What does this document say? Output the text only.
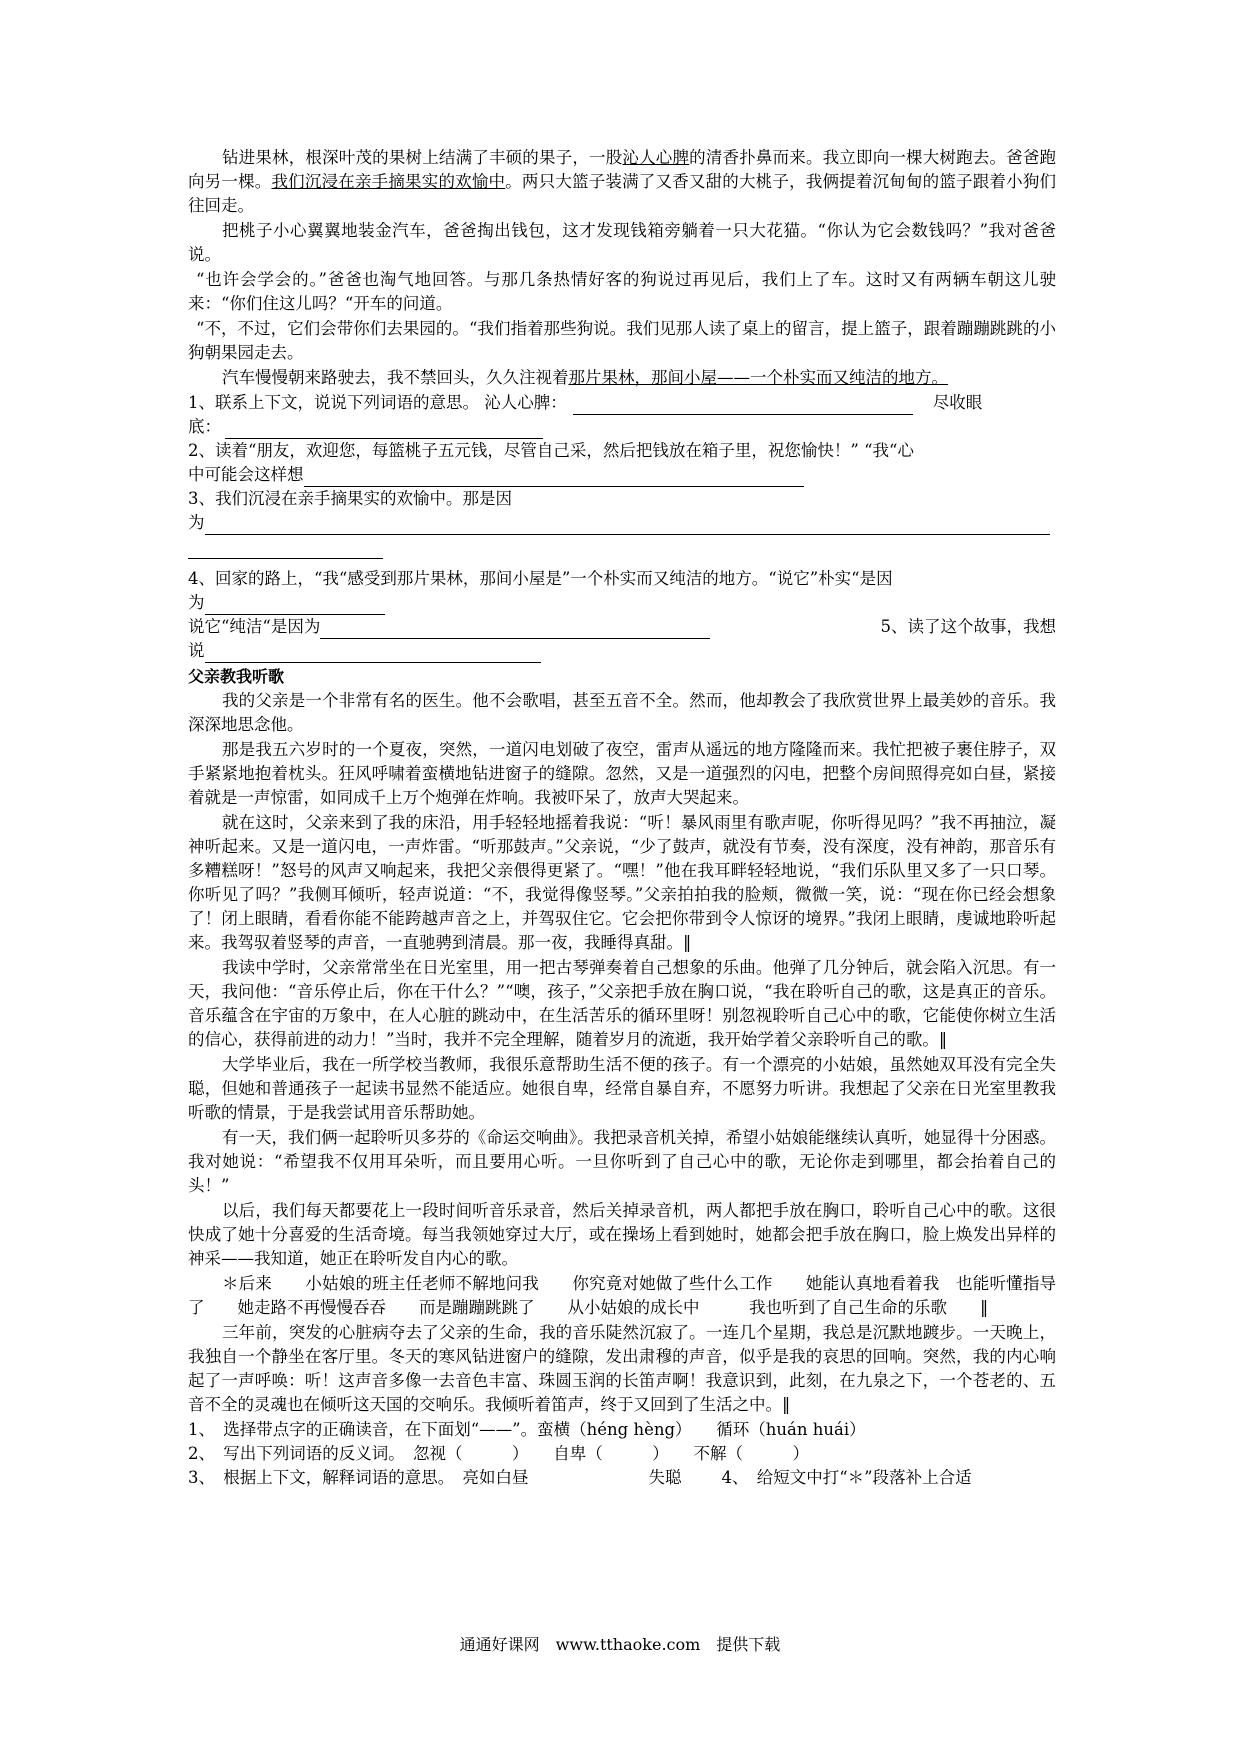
钻进果林，根深叶茂的果树上结满了丰硕的果子，一股沁人心脾的清香扑鼻而来。我立即向一棵大树跑去。爸爸跑向另一棵。我们沉浸在亲手摘果实的欢愉中。两只大篮子装满了又香又甜的大桃子，我俩提着沉甸甸的篮子跟着小狗们往回走。

把桃子小心翼翼地装金汽车，爸爸掏出钱包，这才发现钱箱旁躺着一只大花猫。“你认为它会数钱吗？”我对爸爸说。

“也许会学会的。”爸爸也淘气地回答。与那几条热情好客的狗说过再见后，我们上了车。这时又有两辆车朝这儿驶来：“你们住这儿吗？“开车的问道。

“不，不过，它们会带你们去果园的。“我们指着那些狗说。我们见那人读了桌上的留言，提上篮子，跟着蹦蹦跳跳的小狗朝果园走去。

汽车慢慢朝来路驶去，我不禁回头，久久注视着那片果林，那间小屋——一个朴实而又纯洁的地方。

1、联系上下文，说说下列词语的意思。 沁人心脾：	尽收眼
底：

2、读着“朋友，欢迎您，每篮桃子五元钱，尽管自己采，然后把钱放在箱子里，祝您愉快！” “我“心

中可能会这样想

3、我们沉浸在亲手摘果实的欢愉中。那是因

为

4、回家的路上，“我“感受到那片果林，那间小屋是”一个朴实而又纯洁的地方。“说它”朴实“是因

为
说它“纯洁“是因为	5、读了这个故事，我想
说
父亲教我听歌

我的父亲是一个非常有名的医生。他不会歌唱，甚至五音不全。然而，他却教会了我欣赏世界上最美妙的音乐。我深深地思念他。

那是我五六岁时的一个夏夜，突然，一道闪电划破了夜空，雷声从遥远的地方隆隆而来。我忙把被子裹住脖子，双手紧紧地抱着枕头。狂风呼啸着蛮横地钻进窗子的缝隙。忽然，又是一道强烈的闪电，把整个房间照得亮如白昼，紧接着就是一声惊雷，如同成千上万个炮弹在炸响。我被吓呆了，放声大哭起来。

就在这时，父亲来到了我的床沿，用手轻轻地摇着我说：“听！暴风雨里有歌声呢，你听得见吗？”我不再抽泣，凝神听起来。又是一道闪电，一声炸雷。“听那鼓声。”父亲说，“少了鼓声，就没有节奏，没有深度，没有神韵，那音乐有多糟糕呀！”怒号的风声又响起来，我把父亲偎得更紧了。“嘿！”他在我耳畔轻轻地说，“我们乐队里又多了一只口琴。你听见了吗？”我侧耳倾听，轻声说道：“不，我觉得像竖琴。”父亲拍拍我的脸颊，微微一笑，说：“现在你已经会想象了！闭上眼睛，看看你能不能跨越声音之上，并驾驭住它。它会把你带到令人惊讶的境界。”我闭上眼睛，虔诚地聆听起来。我驾驭着竖琴的声音，一直驰骋到清晨。那一夜，我睡得真甜。‖

我读中学时，父亲常常坐在日光室里，用一把古琴弹奏着自己想象的乐曲。他弹了几分钟后，就会陷入沉思。有一天，我问他：“音乐停止后，你在干什么？”“噢，孩子，”父亲把手放在胸口说，“我在聆听自己的歌，这是真正的音乐。音乐蕴含在宇宙的万象中，在人心脏的跳动中，在生活苦乐的循环里呀！别忽视聆听自己心中的歌，它能使你树立生活的信心，获得前进的动力！”当时，我并不完全理解，随着岁月的流逝，我开始学着父亲聆听自己的歌。‖

大学毕业后，我在一所学校当教师，我很乐意帮助生活不便的孩子。有一个漂亮的小姑娘，虽然她双耳没有完全失聪，但她和普通孩子一起读书显然不能适应。她很自卑，经常自暴自弃，不愿努力听讲。我想起了父亲在日光室里教我听歌的情景，于是我尝试用音乐帮助她。

有一天，我们俩一起聆听贝多芬的《命运交响曲》。我把录音机关掉，希望小姑娘能继续认真听，她显得十分困惑。我对她说：“希望我不仅用耳朵听，而且要用心听。一旦你听到了自己心中的歌，无论你走到哪里，都会抬着自己的头！”

以后，我们每天都要花上一段时间听音乐录音，然后关掉录音机，两人都把手放在胸口，聆听自己心中的歌。这很快成了她十分喜爱的生活奇境。每当我领她穿过大厅，或在操场上看到她时，她都会把手放在胸口，脸上焕发出异样的神采——我知道，她正在聆听发自内心的歌。

＊后来　　小姑娘的班主任老师不解地问我　　你究竟对她做了些什么工作　　她能认真地看着我　也能听懂指导了　　她走路不再慢慢吞吞　　而是蹦蹦跳跳了　　从小姑娘的成长中　　　我也听到了自己生命的乐歌　　‖

三年前，突发的心脏病夺去了父亲的生命，我的音乐陡然沉寂了。一连几个星期，我总是沉默地踱步。一天晚上，我独自一个静坐在客厅里。冬天的寒风钻进窗户的缝隙，发出肃穆的声音，似乎是我的哀思的回响。突然，我的内心响起了一声呼唤：听！这声音多像一去音色丰富、珠圆玉润的长笛声啊！我意识到，此刻，在九泉之下，一个苍老的、五音不全的灵魂也在倾听这天国的交响乐。我倾听着笛声，终于又回到了生活之中。‖

1、　选择带点字的正确读音，在下面划“——”。蛮横（héng hèng）　　循环（huán huái）

2、　写出下列词语的反义词。　忽视（　　　）　　自卑（　　　）　　不解（　　　）

3、　根据上下文，解释词语的意思。　亮如白昼	失聪 4、　给短文中打“＊”段落补上合适
通通好课网　www.tthaoke.com　提供下载
